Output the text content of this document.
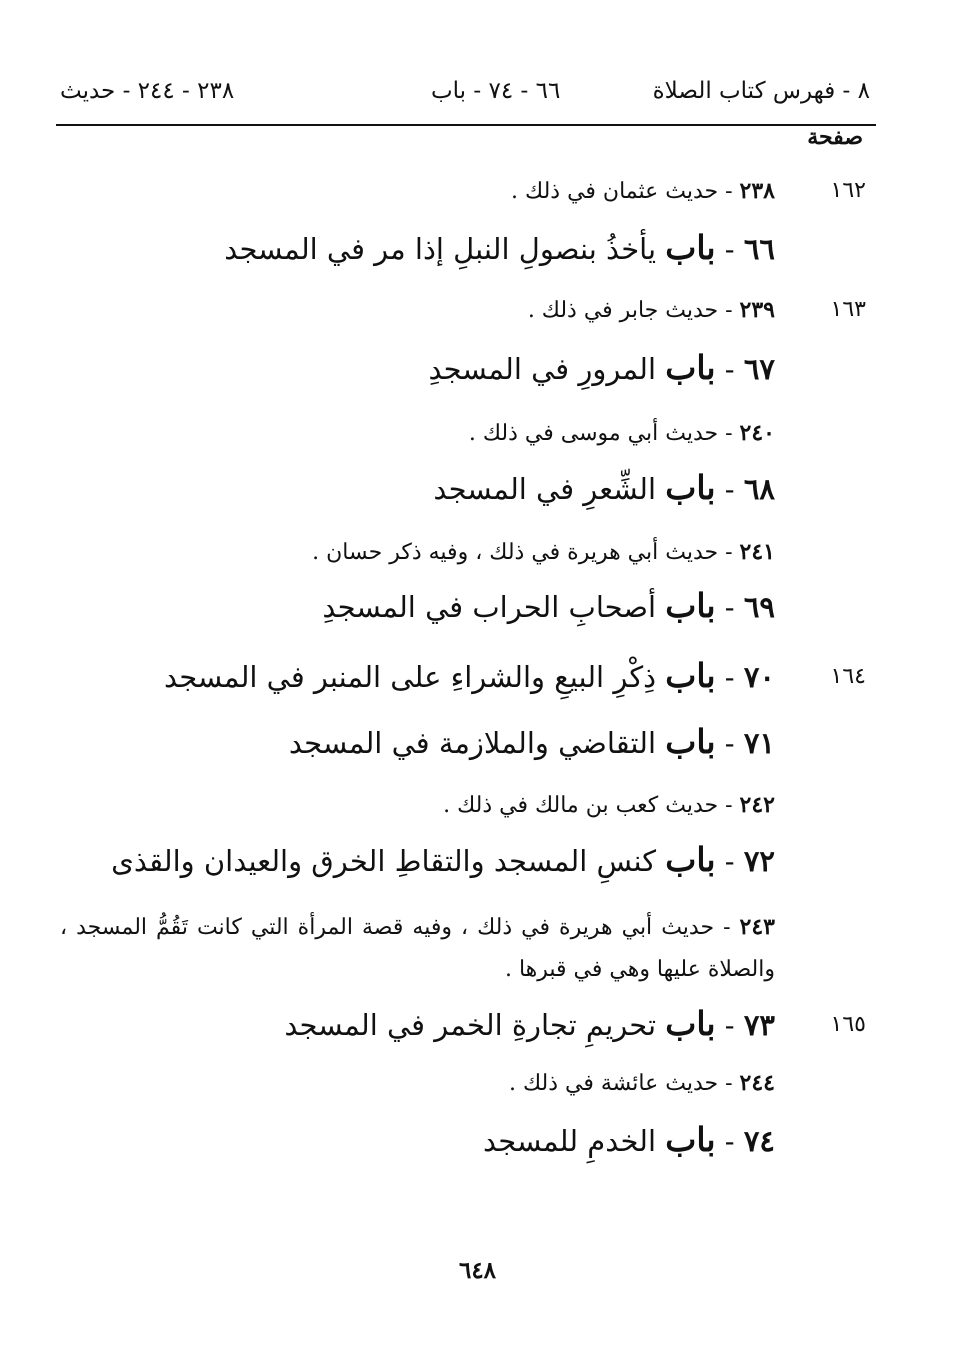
٨ - فهرس كتاب الصلاة
٦٦ - ٧٤ - باب
٢٣٨ - ٢٤٤ - حديث
صفحة
١٦٢
١٦٣
١٦٤
١٦٥
٢٣٨ - حديث عثمان في ذلك .
٦٦ - باب يأخذُ بنصولِ النبلِ إذا مر في المسجد
٢٣٩ - حديث جابر في ذلك .
٦٧ - باب المرورِ في المسجدِ
٢٤٠ - حديث أبي موسى في ذلك .
٦٨ - باب الشِّعرِ في المسجد
٢٤١ - حديث أبي هريرة في ذلك ، وفيه ذكر حسان .
٦٩ - باب أصحابِ الحراب في المسجدِ
٧٠ - باب ذِكْرِ البيعِ والشراءِ على المنبر في المسجد
٧١ - باب التقاضي والملازمة في المسجد
٢٤٢ - حديث كعب بن مالك في ذلك .
٧٢ - باب كنسِ المسجد والتقاطِ الخرق والعيدان والقذى
٢٤٣ - حديث أبي هريرة في ذلك ، وفيه قصة المرأة التي كانت تَقُمُّ المسجد ، والصلاة عليها وهي في قبرها .
٧٣ - باب تحريمِ تجارةِ الخمر في المسجد
٢٤٤ - حديث عائشة في ذلك .
٧٤ - باب الخدمِ للمسجد
٦٤٨
